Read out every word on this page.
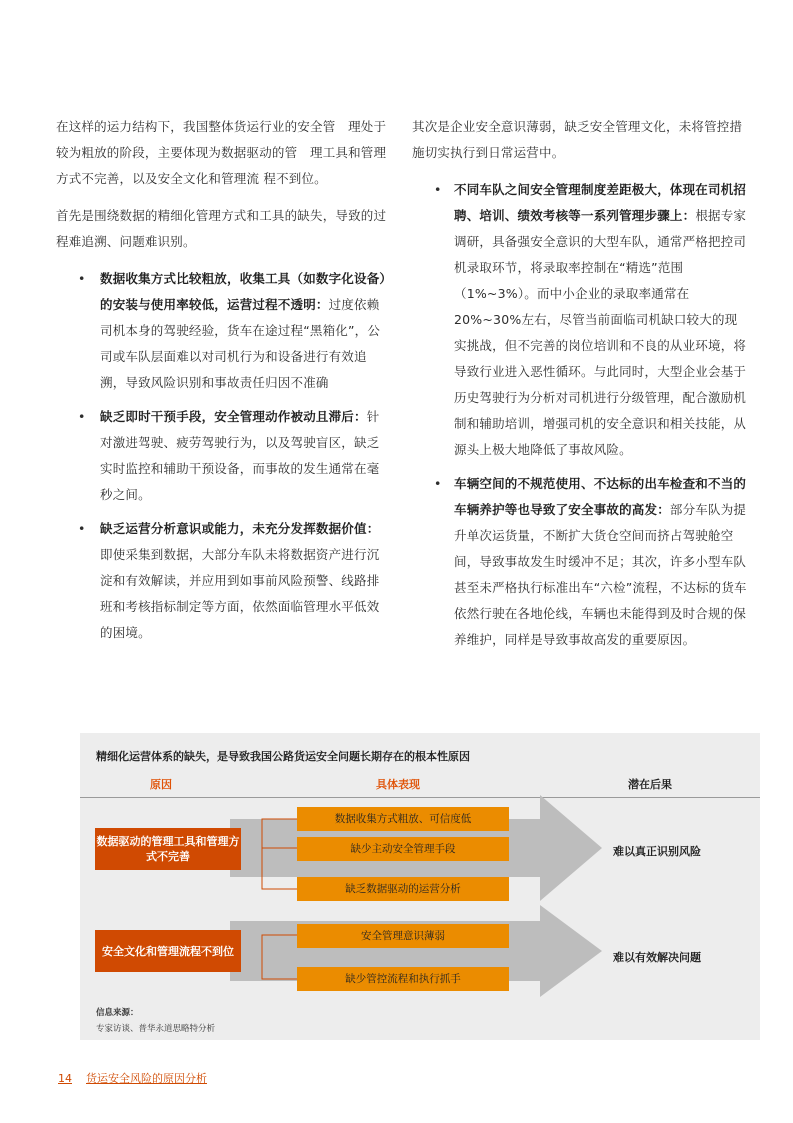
在这样的运力结构下，我国整体货运行业的安全管　理处于较为粗放的阶段，主要体现为数据驱动的管　理工具和管理方式不完善，以及安全文化和管理流 程不到位。

首先是围绕数据的精细化管理方式和工具的缺失，导致的过程难追溯、问题难识别。

• 数据收集方式比较粗放，收集工具（如数字化设备）的安装与使用率较低，运营过程不透明：过度依赖司机本身的驾驶经验，货车在途过程“黑箱化”，公司或车队层面难以对司机行为和设备进行有效追溯，导致风险识别和事故责任归因不准确
• 缺乏即时干预手段，安全管理动作被动且滞后：针对激进驾驶、疲劳驾驶行为，以及驾驶盲区，缺乏实时监控和辅助干预设备，而事故的发生通常在毫秒之间。
• 缺乏运营分析意识或能力，未充分发挥数据价值：即使采集到数据，大部分车队未将数据资产进行沉淀和有效解读，并应用到如事前风险预警、线路排班和考核指标制定等方面，依然面临管理水平低效的困境。

其次是企业安全意识薄弱，缺乏安全管理文化，未将管控措施切实执行到日常运营中。

• 不同车队之间安全管理制度差距极大，体现在司机招聘、培训、绩效考核等一系列管理步骤上：根据专家调研，具备强安全意识的大型车队，通常严格把控司机录取环节，将录取率控制在“精选”范围（1%~3%）。而中小企业的录取率通常在20%~30%左右，尽管当前面临司机缺口较大的现实挑战，但不完善的岗位培训和不良的从业环境，将导致行业进入恶性循环。与此同时，大型企业会基于历史驾驶行为分析对司机进行分级管理，配合激励机制和辅助培训，增强司机的安全意识和相关技能，从源头上极大地降低了事故风险。
• 车辆空间的不规范使用、不达标的出车检查和不当的车辆养护等也导致了安全事故的高发：部分车队为提升单次运货量，不断扩大货仓空间而挤占驾驶舱空间，导致事故发生时缓冲不足；其次，许多小型车队甚至未严格执行标准出车“六检”流程，不达标的货车依然行驶在各地伦线，车辆也未能得到及时合规的保养维护，同样是导致事故高发的重要原因。
精细化运营体系的缺失，是导致我国公路货运安全问题长期存在的根本性原因
原因	具体表现	潜在后果
数据驱动的管理工具和管理方式不完善
数据收集方式粗放、可信度低
缺少主动安全管理手段
缺乏数据驱动的运营分析
难以真正识别风险
安全文化和管理流程不到位
安全管理意识薄弱
缺少管控流程和执行抓手
难以有效解决问题
信息来源：
专家访谈、普华永道思略特分析
14 货运安全风险的原因分析
